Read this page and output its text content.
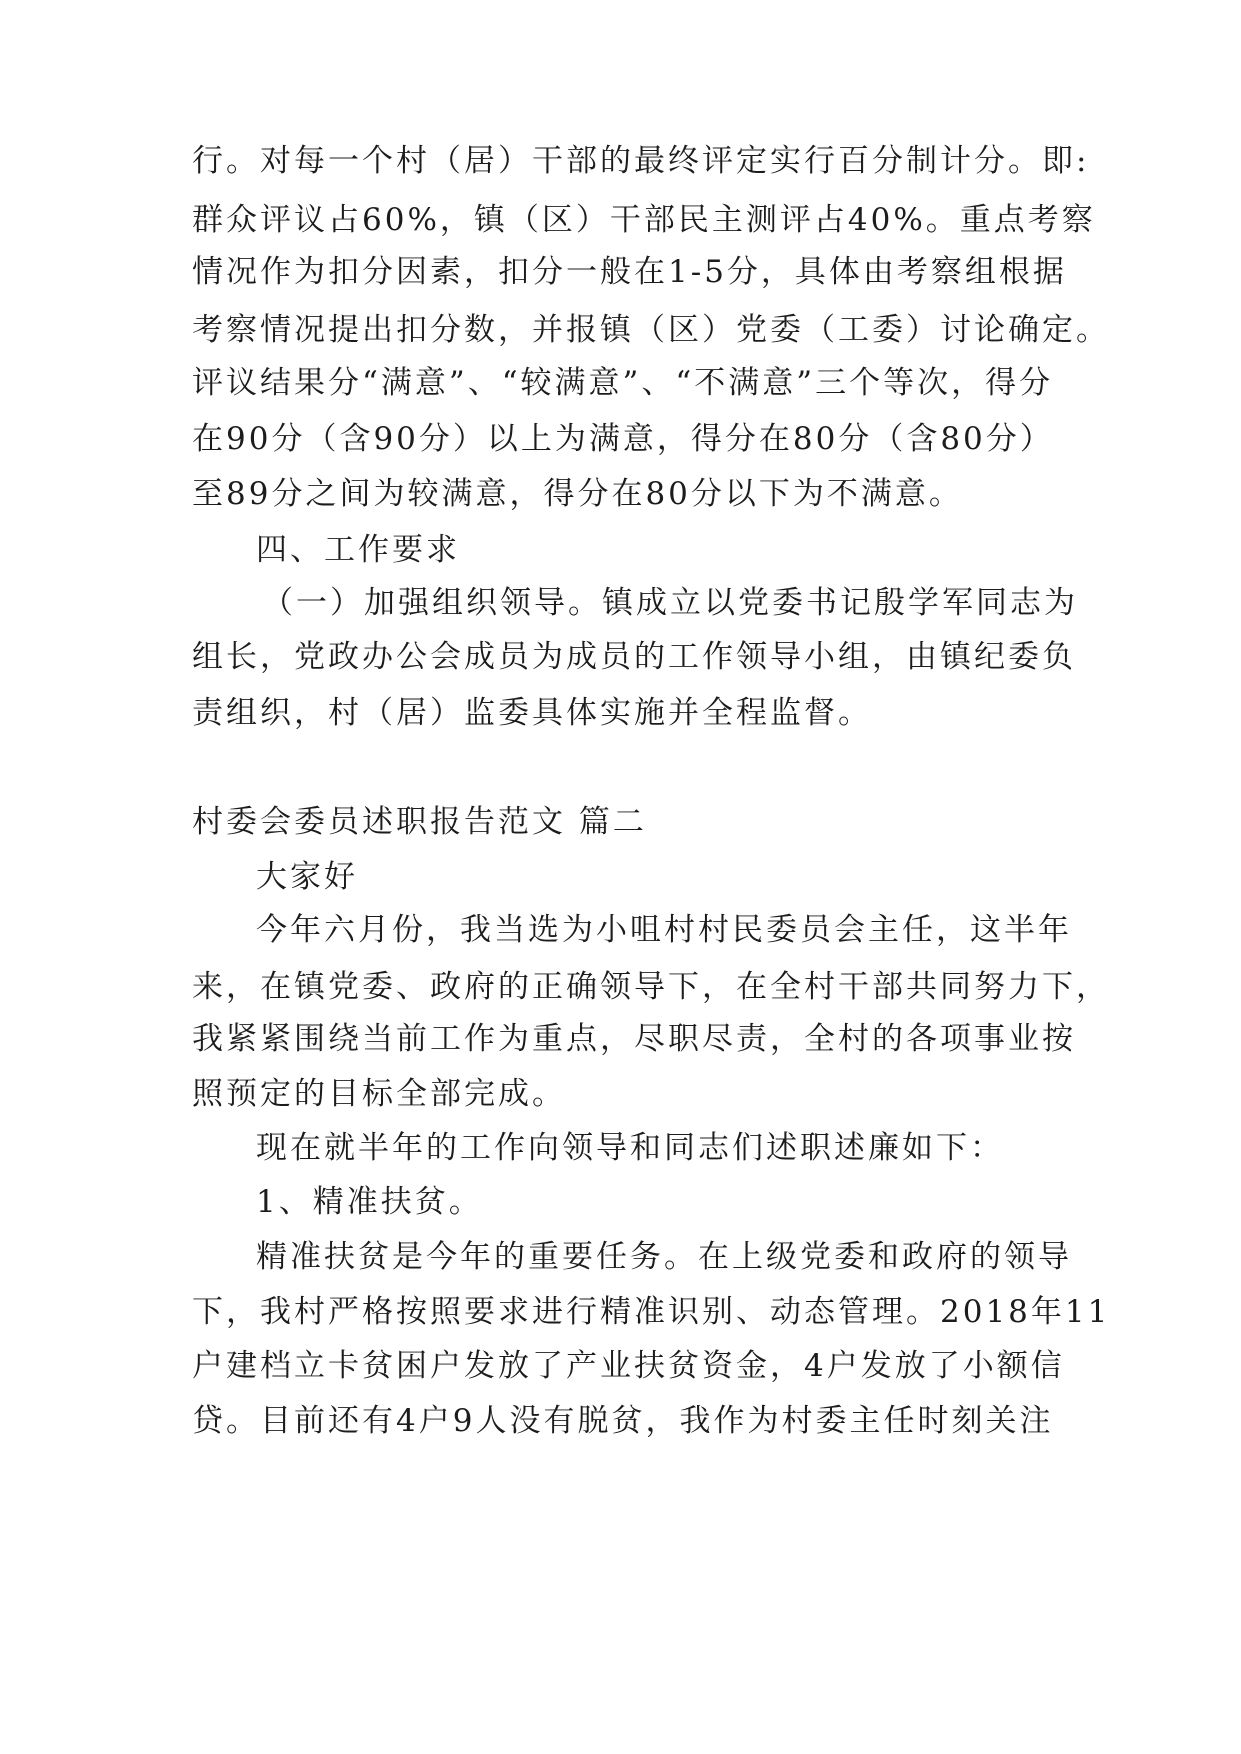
行。对每一个村（居）干部的最终评定实行百分制计分。即:
群众评议占60%，镇（区）干部民主测评占40%。重点考察
情况作为扣分因素，扣分一般在1-5分，具体由考察组根据
考察情况提出扣分数，并报镇（区）党委（工委）讨论确定。
评议结果分“满意”、“较满意”、“不满意”三个等次，得分
在90分（含90分）以上为满意，得分在80分（含80分）
至89分之间为较满意，得分在80分以下为不满意。
四、工作要求
（一）加强组织领导。镇成立以党委书记殷学军同志为
组长，党政办公会成员为成员的工作领导小组，由镇纪委负
责组织，村（居）监委具体实施并全程监督。
村委会委员述职报告范文 篇二
大家好
今年六月份，我当选为小咀村村民委员会主任，这半年
来，在镇党委、政府的正确领导下，在全村干部共同努力下，
我紧紧围绕当前工作为重点，尽职尽责，全村的各项事业按
照预定的目标全部完成。
现在就半年的工作向领导和同志们述职述廉如下：
1、精准扶贫。
精准扶贫是今年的重要任务。在上级党委和政府的领导
下，我村严格按照要求进行精准识别、动态管理。2018年11
户建档立卡贫困户发放了产业扶贫资金，4户发放了小额信
贷。目前还有4户9人没有脱贫，我作为村委主任时刻关注
